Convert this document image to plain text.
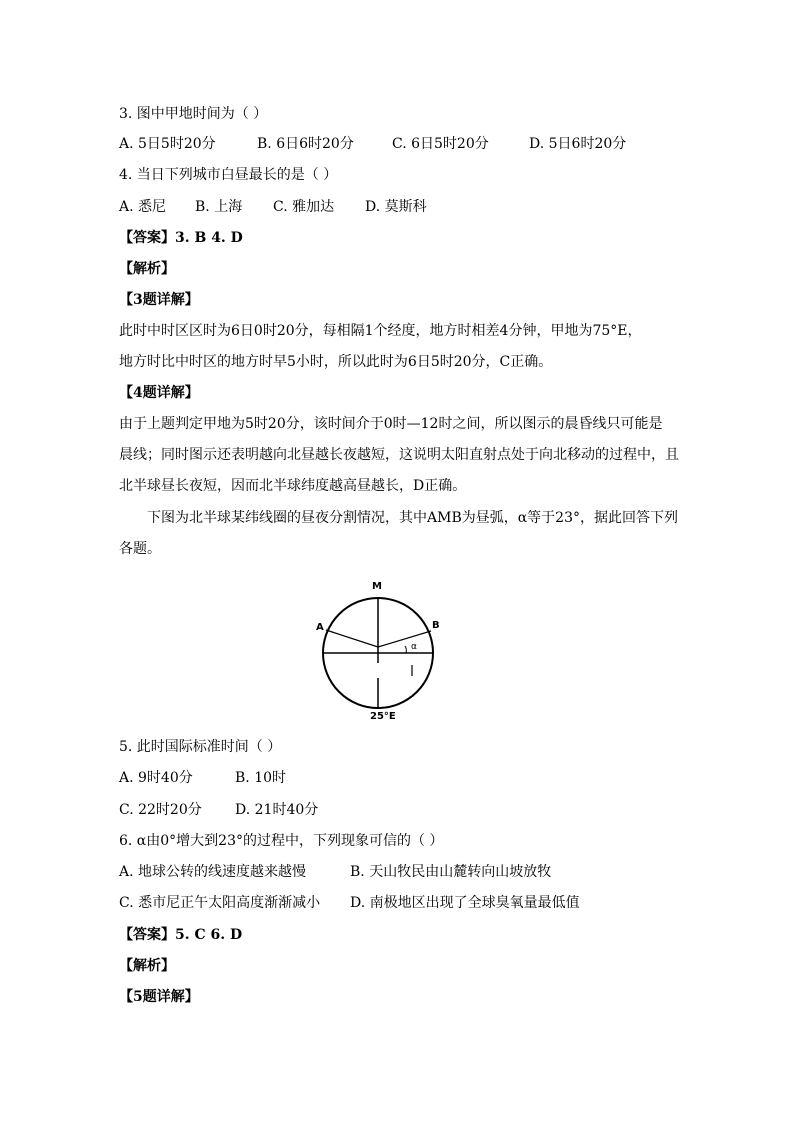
3. 图中甲地时间为（ ）
A. 5日5时20分	B. 6日6时20分	C. 6日5时20分	D. 5日6时20分
4. 当日下列城市白昼最长的是（ ）
A. 悉尼 B. 上海 C. 雅加达 D. 莫斯科
【答案】3. B 4. D
【解析】
【3题详解】
此时中时区区时为6日0时20分，每相隔1个经度，地方时相差4分钟，甲地为75°E，
地方时比中时区的地方时早5小时，所以此时为6日5时20分，C正确。
【4题详解】
由于上题判定甲地为5时20分，该时间介于0时—12时之间，所以图示的晨昏线只可能是
晨线；同时图示还表明越向北昼越长夜越短，这说明太阳直射点处于向北移动的过程中，且
北半球昼长夜短，因而北半球纬度越高昼越长，D正确。
下图为北半球某纬线圈的昼夜分割情况，其中AMB为昼弧，α等于23°，据此回答下列
各题。
M
A	B
α
25°E
5. 此时国际标准时间（ ）
A. 9时40分	B. 10时
C. 22时20分 D. 21时40分
6. α由0°增大到23°的过程中，下列现象可信的（ ）
A. 地球公转的线速度越来越慢	B. 天山牧民由山麓转向山坡放牧
C. 悉市尼正午太阳高度渐渐减小 D. 南极地区出现了全球臭氧量最低值
【答案】5. C 6. D
【解析】
【5题详解】
